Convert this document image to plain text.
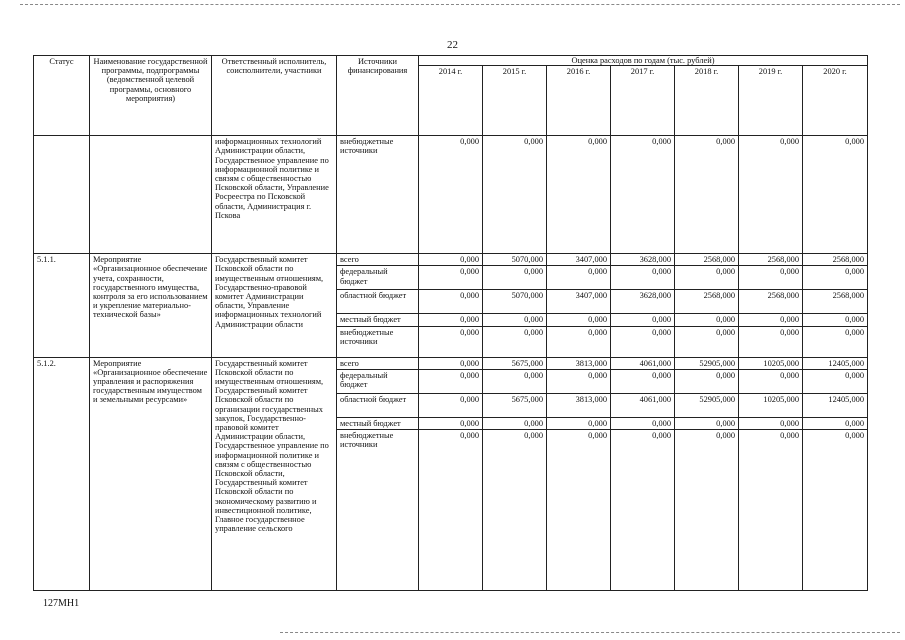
22
Статус	Наименование государственной программы, подпрограммы (ведомственной целевой программы, основного мероприятия)	Ответственный исполнитель, соисполнители, участники	Источники финансирования	Оценка расходов по годам (тыс. рублей)						
				2014 г.	2015 г.	2016 г.	2017 г.	2018 г.	2019 г.	2020 г.
		информационных технологий Администрации области, Государственное управление по информационной политике и связям с общественностью Псковской области, Управление Росреестра по Псковской области, Администрация г. Пскова	внебюджетные источники	0,000	0,000	0,000	0,000	0,000	0,000	0,000
5.1.1.	Мероприятие «Организационное обеспечение учета, сохранности, государственного имущества, контроля за его использованием и укрепление материально-технической базы»	Государственный комитет Псковской области по имущественным отношениям, Государственно-правовой комитет Администрации области, Управление информационных технологий Администрации области	всего	0,000	5070,000	3407,000	3628,000	2568,000	2568,000	2568,000
			федеральный бюджет	0,000	0,000	0,000	0,000	0,000	0,000	0,000
			областной бюджет	0,000	5070,000	3407,000	3628,000	2568,000	2568,000	2568,000
			местный бюджет	0,000	0,000	0,000	0,000	0,000	0,000	0,000
			внебюджетные источники	0,000	0,000	0,000	0,000	0,000	0,000	0,000
5.1.2.	Мероприятие «Организационное обеспечение управления и распоряжения государственным имуществом и земельными ресурсами»	Государственный комитет Псковской области по имущественным отношениям, Государственный комитет Псковской области по организации государственных закупок, Государственно-правовой комитет Администрации области, Государственное управление по информационной политике и связям с общественностью Псковской области, Государственный комитет Псковской области по экономическому развитию и инвестиционной политике, Главное государственное управление сельского	всего	0,000	5675,000	3813,000	4061,000	52905,000	10205,000	12405,000
			федеральный бюджет	0,000	0,000	0,000	0,000	0,000	0,000	0,000
			областной бюджет	0,000	5675,000	3813,000	4061,000	52905,000	10205,000	12405,000
			местный бюджет	0,000	0,000	0,000	0,000	0,000	0,000	0,000
			внебюджетные источники	0,000	0,000	0,000	0,000	0,000	0,000	0,000
127МН1
